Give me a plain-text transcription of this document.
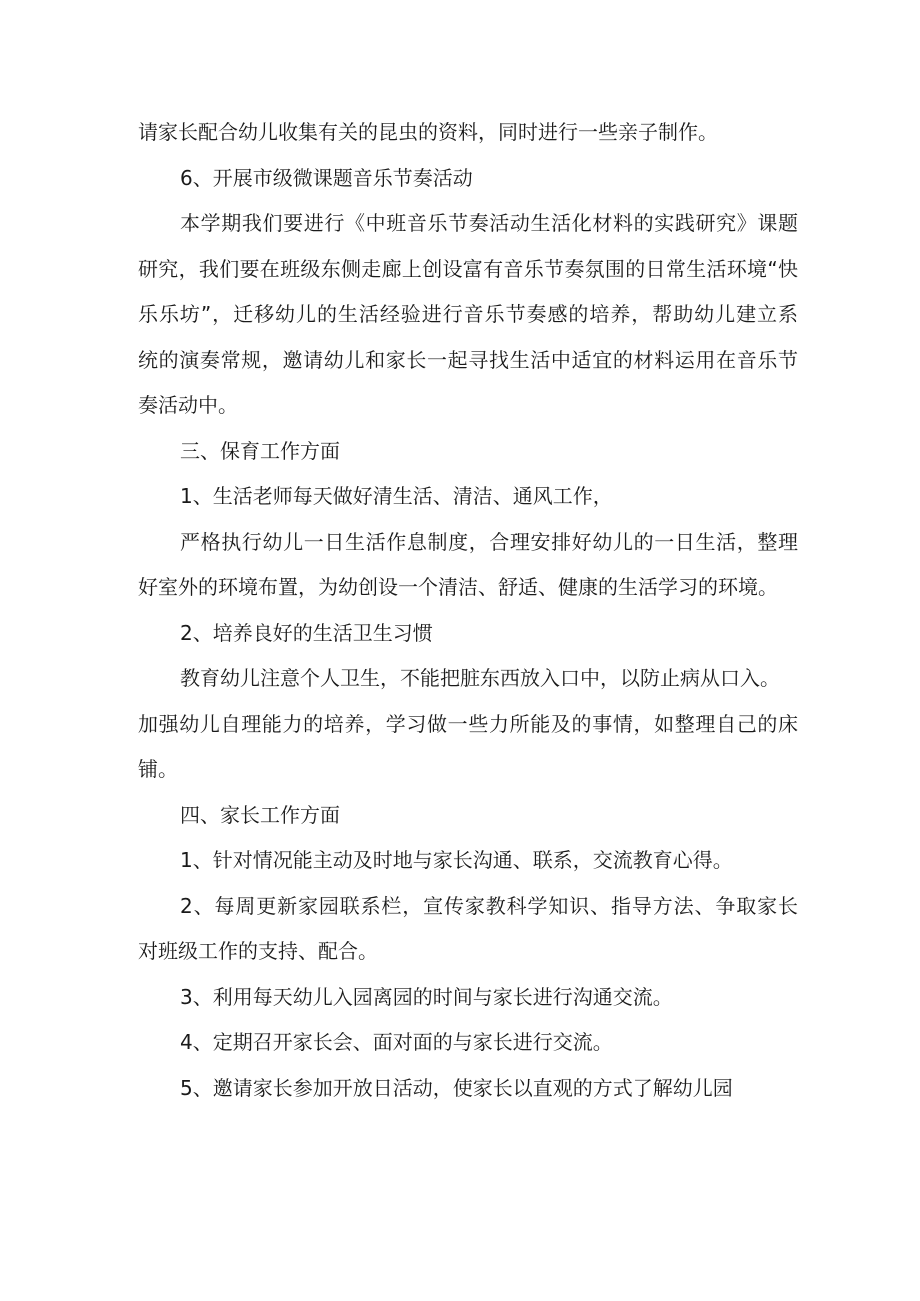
请家长配合幼儿收集有关的昆虫的资料，同时进行一些亲子制作。
6、开展市级微课题音乐节奏活动
本学期我们要进行《中班音乐节奏活动生活化材料的实践研究》课题
研究，我们要在班级东侧走廊上创设富有音乐节奏氛围的日常生活环境“快
乐乐坊”，迁移幼儿的生活经验进行音乐节奏感的培养，帮助幼儿建立系
统的演奏常规，邀请幼儿和家长一起寻找生活中适宜的材料运用在音乐节
奏活动中。
三、保育工作方面
1、生活老师每天做好清生活、清洁、通风工作，
严格执行幼儿一日生活作息制度，合理安排好幼儿的一日生活，整理
好室外的环境布置，为幼创设一个清洁、舒适、健康的生活学习的环境。
2、培养良好的生活卫生习惯
教育幼儿注意个人卫生，不能把脏东西放入口中，以防止病从口入。
加强幼儿自理能力的培养，学习做一些力所能及的事情，如整理自己的床
铺。
四、家长工作方面
1、针对情况能主动及时地与家长沟通、联系，交流教育心得。
2、每周更新家园联系栏，宣传家教科学知识、指导方法、争取家长
对班级工作的支持、配合。
3、利用每天幼儿入园离园的时间与家长进行沟通交流。
4、定期召开家长会、面对面的与家长进行交流。
5、邀请家长参加开放日活动，使家长以直观的方式了解幼儿园
